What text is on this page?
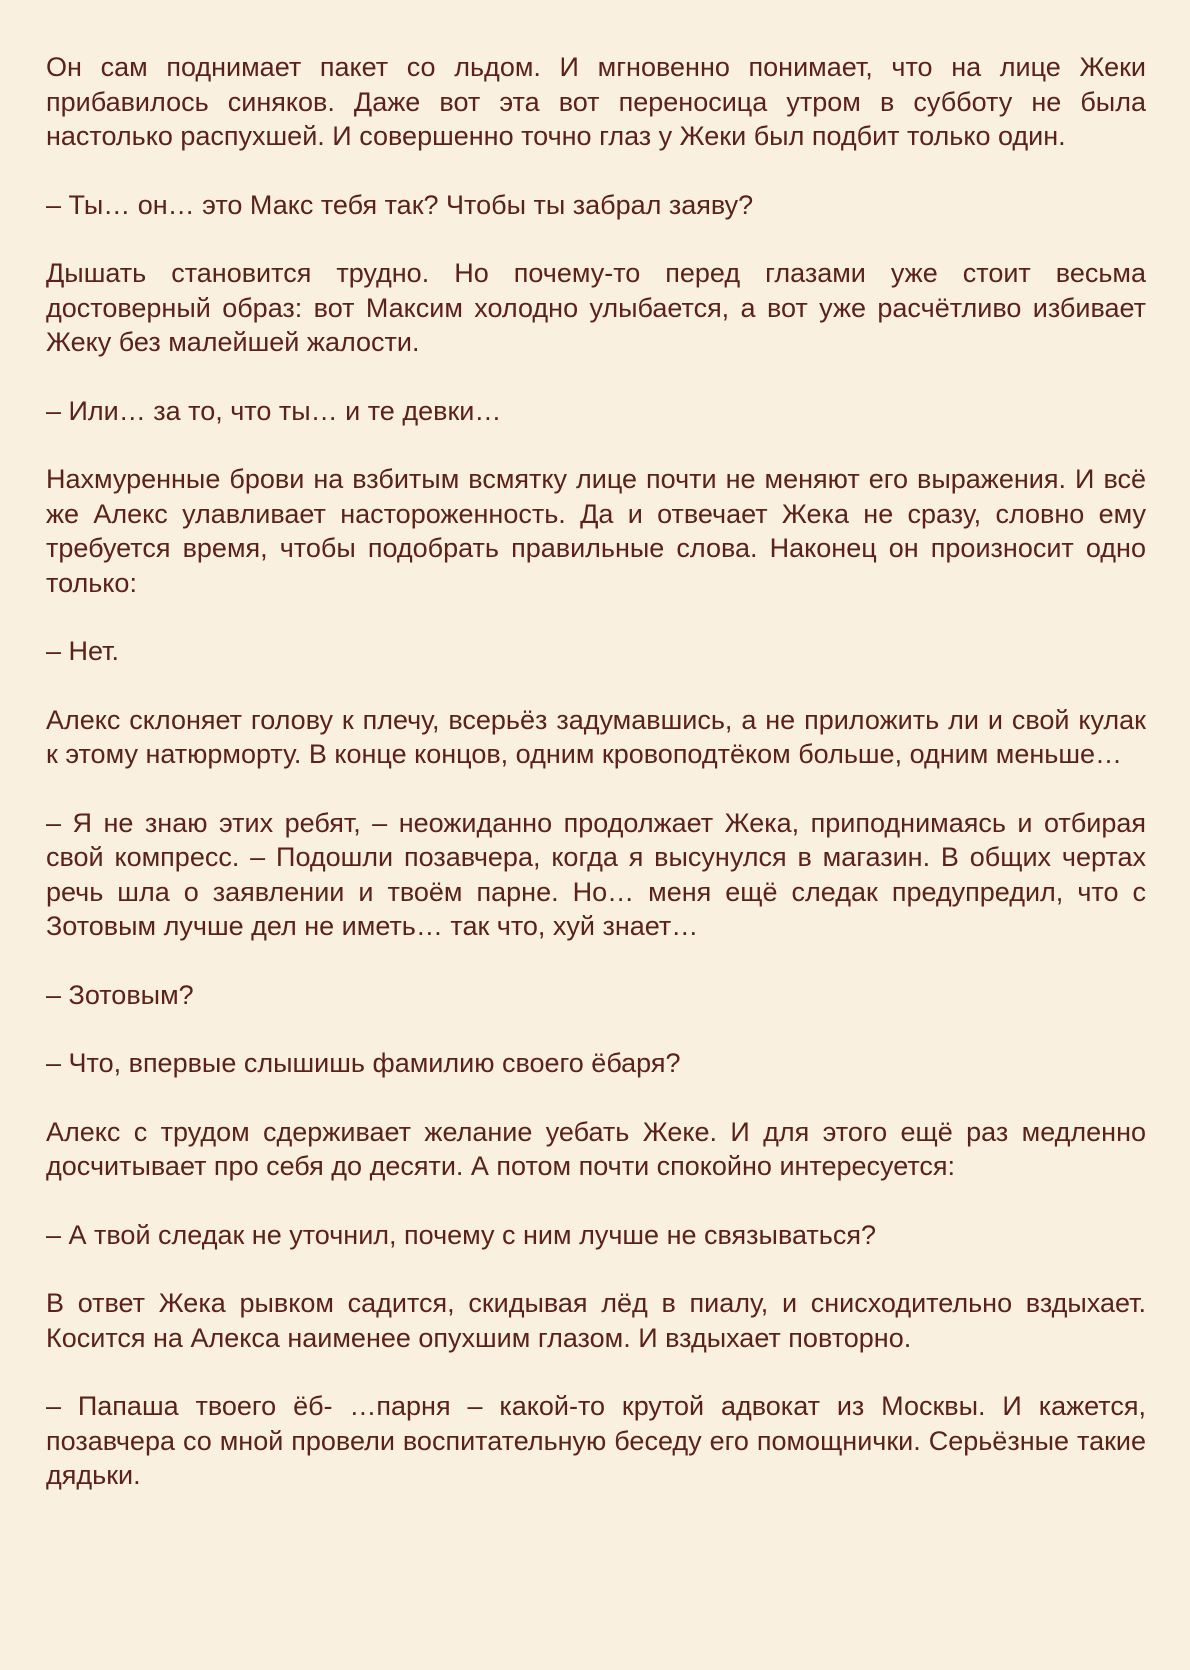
Он сам поднимает пакет со льдом. И мгновенно понимает, что на лице Жеки прибавилось синяков. Даже вот эта вот переносица утром в субботу не была настолько распухшей. И совершенно точно глаз у Жеки был подбит только один.

– Ты… он… это Макс тебя так? Чтобы ты забрал заяву?

Дышать становится трудно. Но почему-то перед глазами уже стоит весьма достоверный образ: вот Максим холодно улыбается, а вот уже расчётливо избивает Жеку без малейшей жалости.

– Или… за то, что ты… и те девки…

Нахмуренные брови на взбитым всмятку лице почти не меняют его выражения. И всё же Алекс улавливает настороженность. Да и отвечает Жека не сразу, словно ему требуется время, чтобы подобрать правильные слова. Наконец он произносит одно только:

– Нет.

Алекс склоняет голову к плечу, всерьёз задумавшись, а не приложить ли и свой кулак к этому натюрморту. В конце концов, одним кровоподтёком больше, одним меньше…

– Я не знаю этих ребят, – неожиданно продолжает Жека, приподнимаясь и отбирая свой компресс. – Подошли позавчера, когда я высунулся в магазин. В общих чертах речь шла о заявлении и твоём парне. Но… меня ещё следак предупредил, что с Зотовым лучше дел не иметь… так что, хуй знает…

– Зотовым?

– Что, впервые слышишь фамилию своего ёбаря?

Алекс с трудом сдерживает желание уебать Жеке. И для этого ещё раз медленно досчитывает про себя до десяти. А потом почти спокойно интересуется:

– А твой следак не уточнил, почему с ним лучше не связываться?

В ответ Жека рывком садится, скидывая лёд в пиалу, и снисходительно вздыхает. Косится на Алекса наименее опухшим глазом. И вздыхает повторно.

– Папаша твоего ёб- …парня – какой-то крутой адвокат из Москвы. И кажется, позавчера со мной провели воспитательную беседу его помощнички. Серьёзные такие дядьки.
